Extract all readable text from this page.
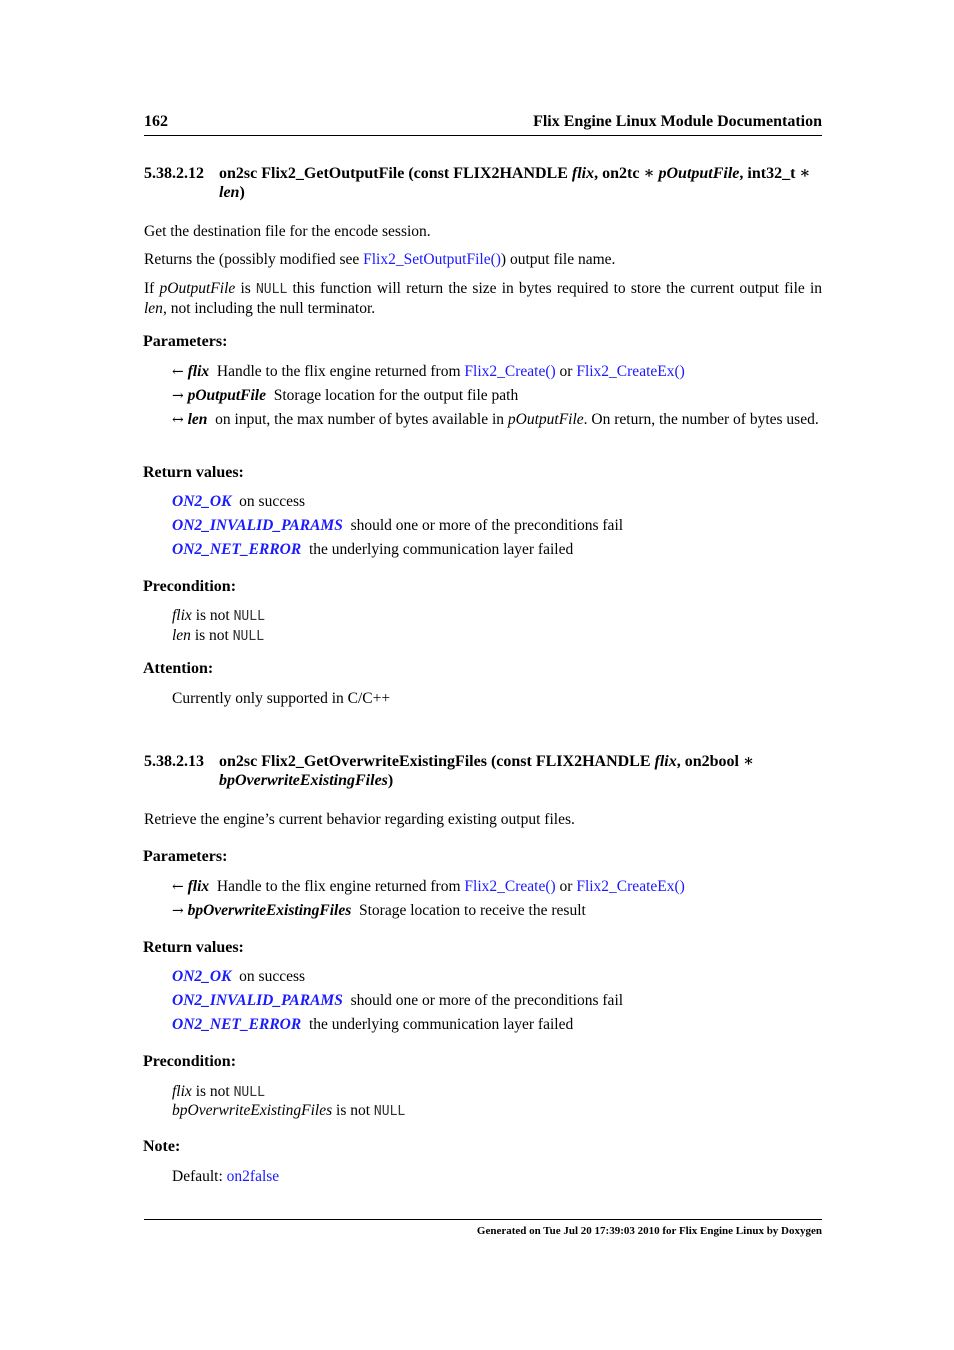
162	Flix Engine Linux Module Documentation
5.38.2.12 on2sc Flix2_GetOutputFile (const FLIX2HANDLE flix, on2tc ∗ pOutputFile, int32_t ∗
len)
Get the destination file for the encode session.
Returns the (possibly modified see Flix2_SetOutputFile()) output file name.
If pOutputFile is NULL this function will return the size in bytes required to store the current output file in len, not including the null terminator.
Parameters:
← flix Handle to the flix engine returned from Flix2_Create() or Flix2_CreateEx()
→ pOutputFile Storage location for the output file path
↔ len on input, the max number of bytes available in pOutputFile. On return, the number of bytes used.
Return values:
ON2_OK on success
ON2_INVALID_PARAMS should one or more of the preconditions fail
ON2_NET_ERROR the underlying communication layer failed
Precondition:
flix is not NULL
len is not NULL
Attention:
Currently only supported in C/C++
5.38.2.13 on2sc Flix2_GetOverwriteExistingFiles (const FLIX2HANDLE flix, on2bool ∗
bpOverwriteExistingFiles)
Retrieve the engine’s current behavior regarding existing output files.
Parameters:
← flix Handle to the flix engine returned from Flix2_Create() or Flix2_CreateEx()
→ bpOverwriteExistingFiles Storage location to receive the result
Return values:
ON2_OK on success
ON2_INVALID_PARAMS should one or more of the preconditions fail
ON2_NET_ERROR the underlying communication layer failed
Precondition:
flix is not NULL
bpOverwriteExistingFiles is not NULL
Note:
Default: on2false
Generated on Tue Jul 20 17:39:03 2010 for Flix Engine Linux by Doxygen
